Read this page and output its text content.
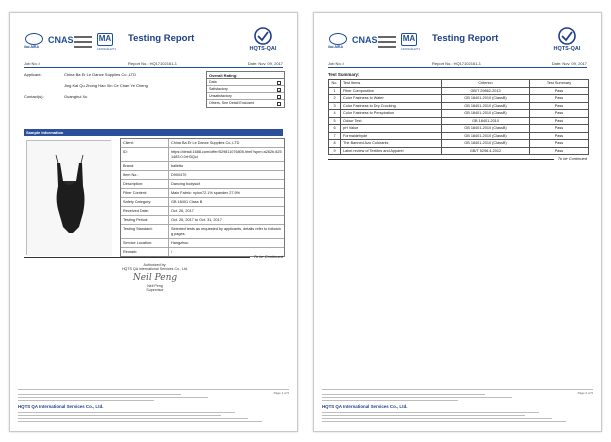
ilac-MRA
CNAS	MA
140011111271
Testing Report
HQTS-QAI
Job No.:/	Report No.: HQ17102161-1	Date: Nov. 09, 2017
Applicant:	China Ba Er Le Dance Supplies Co.,LTD
Jing Kai Qu Zhong Hao Xin Ce Chan Ye Cheng
Contact(s):	Guanghui Xu
Overall Rating:
Data
Satisfactory	✓
Unsatisfactory
Others, See Detail Enclosed
Sample Information
Client:	China Ba Er Le Dance Supplies Co.,LTD
ID:	https://detail.1688.com/offer/529811076805.html?spm=a262b.8251483.0.0rH3QcI
Brand:	balletto
Item No.:	D900470
Description:	Dancing bodysuit
Fiber Content:	Main Fabric: nylon72.1% spandex 27.9%
Safety Category:	GB 18401 Class B
Received Date:	Oct. 26, 2017
Testing Period:	Oct. 26, 2017 to Oct. 31, 2017
Testing Standard:	Selected tests as requested by applicants, details refer to following pages.
Service Location:	Hangzhou
Remark:	/
To be Continued
Authorized by:
HQTS QA International Services Co., Ltd.
Neil Peng
Neil Peng
Supervisor
Page 1 of 5
HQTS QA International Services Co., Ltd.
ilac-MRA
CNAS	MA
140011111271
Testing Report
HQTS-QAI
Job No.:/	Report No.: HQ17102161-1	Date: Nov. 09, 2017
Test Summary:
No.	Test Items	Criterion	Test Summary
1	Fiber Composition	GB/T 29862-2013	Pass
2	Color Fastness to Water	GB 18401-2010 (ClassB)	Pass
3	Color Fastness to Dry Crocking	GB 18401-2010 (ClassB)	Pass
4	Color Fastness to Perspiration	GB 18401-2010 (ClassB)	Pass
5	Odour Test	GB 18401-2010	Pass
6	pH Value	GB 18401-2010 (ClassB)	Pass
7	Formaldehyde	GB 18401-2010 (ClassB)	Pass
8	The Banned Azo Colorants	GB 18401-2010 (ClassB)	Pass
9	Label review of Textiles and Apparel	GB/T 5296.4-2012	Pass
To be Continued
Page 2 of 5
HQTS QA International Services Co., Ltd.
